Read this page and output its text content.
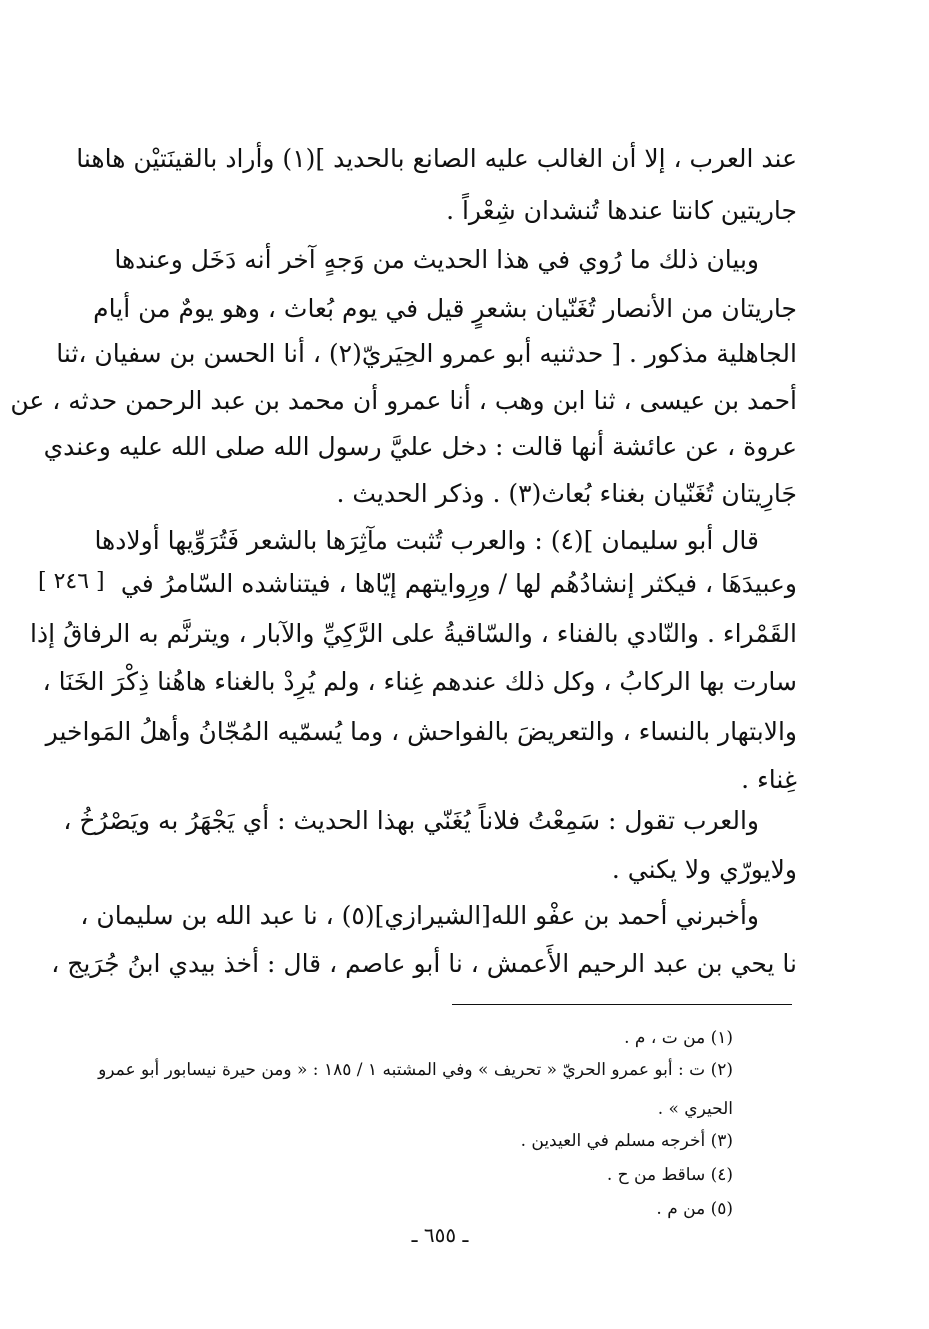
عند العرب ، إلا أن الغالب عليه الصانع بالحديد ](١) وأراد بالقينَتيْن هاهنا
جاريتين كانتا عندها تُنشدان شِعْراً .
وبيان ذلك ما رُوي في هذا الحديث من وَجهٍ آخر أنه دَخَل وعندها
جاريتان من الأنصار تُغَنّيان بشعرٍ قيل في يوم بُعاث ، وهو يومٌ من أيام
الجاهلية مذكور . [ حدثنيه أبو عمرو الحِيَريّ(٢) ، أنا الحسن بن سفيان ،ثنا
أحمد بن عيسى ، ثنا ابن وهب ، أنا عمرو أن محمد بن عبد الرحمن حدثه ، عن
عروة ، عن عائشة أنها قالت : دخل عليَّ رسول الله صلى الله عليه وعندي
جَارِيتان تُغَنّيان بغناء بُعاث(٣) . وذكر الحديث .
قال أبو سليمان ](٤) : والعرب تُثبت مآثِرَها بالشعر فَتُرَوِّيها أولادها
[ ٢٤٦ ] وعبيدَهَا ، فيكثر إنشادُهُم لها / ورِوايتهم إيّاها ، فيتناشده السّامرُ في
القَمْراء . والنّادي بالفناء ، والسّاقيةُ على الرَّكِيِّ والآبار ، ويترنَّم به الرفاقُ إذا
سارت بها الركابُ ، وكل ذلك عندهم غِناء ، ولم يُرِدْ بالغناء هاهُنا ذِكْرَ الخَنَا ،
والابتهار بالنساء ، والتعريضَ بالفواحش ، وما يُسمّيه المُجّانُ وأهلُ المَواخير
غِناء .
والعرب تقول : سَمِعْتُ فلاناً يُغَنّي بهذا الحديث : أي يَجْهَرُ به ويَصْرُخُ ،
ولايورّي ولا يكني .
وأخبرني أحمد بن عفْو الله[الشيرازي](٥) ، نا عبد الله بن سليمان ،
نا يحي بن عبد الرحيم الأَعمش ، نا أبو عاصم ، قال : أخذ بيدي ابنُ جُرَيج ،
(١) من ت ، م .
(٢) ت : أبو عمرو الحريّ « تحريف » وفي المشتبه ١ / ١٨٥ : « ومن حيرة نيسابور أبو عمرو
الحيري » .
(٣) أخرجه مسلم في العيدين .
(٤) ساقط من ح .
(٥) من م .
ـ ٦٥٥ ـ
